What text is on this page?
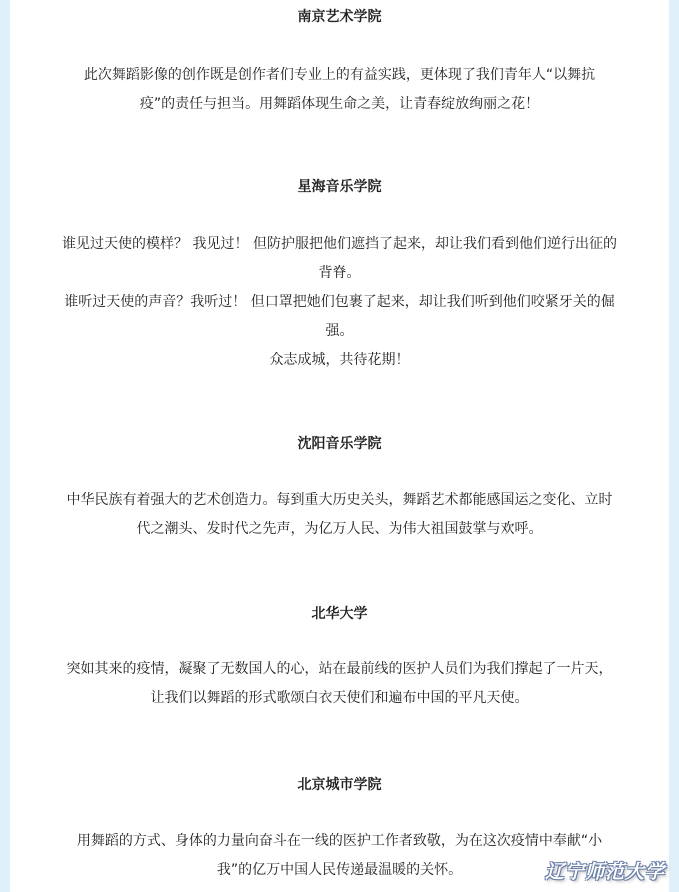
南京艺术学院

此次舞蹈影像的创作既是创作者们专业上的有益实践，更体现了我们青年人“以舞抗

疫”的责任与担当。用舞蹈体现生命之美，让青春绽放绚丽之花！

星海音乐学院

谁见过天使的模样？ 我见过！ 但防护服把他们遮挡了起来，却让我们看到他们逆行出征的

背脊。

谁听过天使的声音？我听过！ 但口罩把她们包裹了起来，却让我们听到他们咬紧牙关的倔

强。

众志成城，共待花期！

沈阳音乐学院

中华民族有着强大的艺术创造力。每到重大历史关头，舞蹈艺术都能感国运之变化、立时

代之潮头、发时代之先声，为亿万人民、为伟大祖国鼓掌与欢呼。

北华大学

突如其来的疫情，凝聚了无数国人的心，站在最前线的医护人员们为我们撑起了一片天，

让我们以舞蹈的形式歌颂白衣天使们和遍布中国的平凡天使。

北京城市学院

用舞蹈的方式、身体的力量向奋斗在一线的医护工作者致敬，为在这次疫情中奉献“小

我”的亿万中国人民传递最温暖的关怀。	辽宁师范大学
